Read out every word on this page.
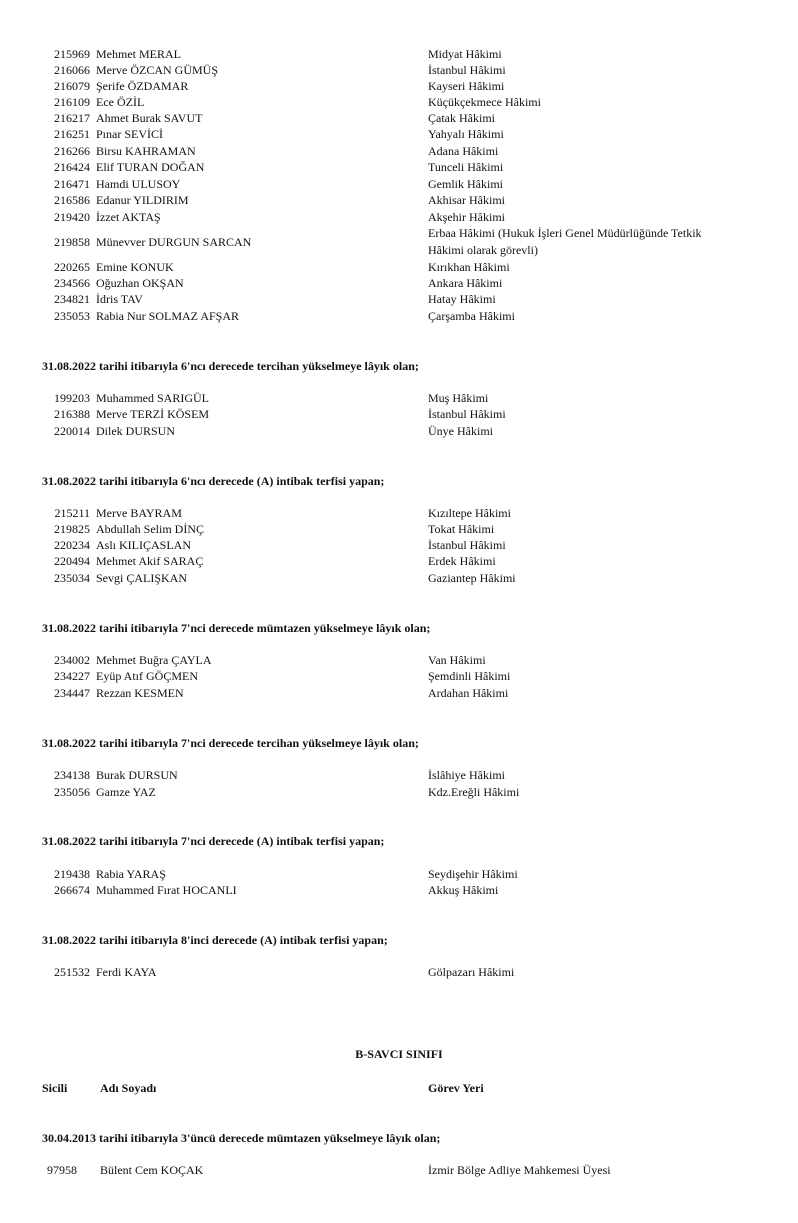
215969 Mehmet MERAL	Midyat Hâkimi
216066 Merve ÖZCAN GÜMÜŞ	İstanbul Hâkimi
216079 Şerife ÖZDAMAR	Kayseri Hâkimi
216109 Ece ÖZİL	Küçükçekmece Hâkimi
216217 Ahmet Burak SAVUT	Çatak Hâkimi
216251 Pınar SEVİCİ	Yahyalı Hâkimi
216266 Birsu KAHRAMAN	Adana Hâkimi
216424 Elif TURAN DOĞAN	Tunceli Hâkimi
216471 Hamdi ULUSOY	Gemlik Hâkimi
216586 Edanur YILDIRIM	Akhisar Hâkimi
219420 İzzet AKTAŞ	Akşehir Hâkimi
219858 Münevver DURGUN SARCAN
Erbaa Hâkimi (Hukuk İşleri Genel Müdürlüğünde Tetkik Hâkimi olarak görevli)
220265 Emine KONUK	Kırıkhan Hâkimi
234566 Oğuzhan OKŞAN	Ankara Hâkimi
234821 İdris TAV	Hatay Hâkimi
235053 Rabia Nur SOLMAZ AFŞAR	Çarşamba Hâkimi
31.08.2022 tarihi itibarıyla 6'ncı derecede tercihan yükselmeye lâyık olan;
199203 Muhammed SARIGÜL	Muş Hâkimi
216388 Merve TERZİ KÖSEM	İstanbul Hâkimi
220014 Dilek DURSUN	Ünye Hâkimi
31.08.2022 tarihi itibarıyla 6'ncı derecede (A) intibak terfisi yapan;
215211 Merve BAYRAM	Kızıltepe Hâkimi
219825 Abdullah Selim DİNÇ	Tokat Hâkimi
220234 Aslı KILIÇASLAN	İstanbul Hâkimi
220494 Mehmet Akif SARAÇ	Erdek Hâkimi
235034 Sevgi ÇALIŞKAN	Gaziantep Hâkimi
31.08.2022 tarihi itibarıyla 7'nci derecede mümtazen yükselmeye lâyık olan;
234002 Mehmet Buğra ÇAYLA	Van Hâkimi
234227 Eyüp Atıf GÖÇMEN	Şemdinli Hâkimi
234447 Rezzan KESMEN	Ardahan Hâkimi
31.08.2022 tarihi itibarıyla 7'nci derecede tercihan yükselmeye lâyık olan;
234138 Burak DURSUN	İslâhiye Hâkimi
235056 Gamze YAZ	Kdz.Ereğli Hâkimi
31.08.2022 tarihi itibarıyla 7'nci derecede (A) intibak terfisi yapan;
219438 Rabia YARAŞ	Seydişehir Hâkimi
266674 Muhammed Fırat HOCANLI	Akkuş Hâkimi
31.08.2022 tarihi itibarıyla 8'inci derecede (A) intibak terfisi yapan;
251532 Ferdi KAYA	Gölpazarı Hâkimi
B-SAVCI SINIFI
Sicili	Adı Soyadı	Görev Yeri
30.04.2013 tarihi itibarıyla 3'üncü derecede mümtazen yükselmeye lâyık olan;
97958 Bülent Cem KOÇAK	İzmir Bölge Adliye Mahkemesi Üyesi
